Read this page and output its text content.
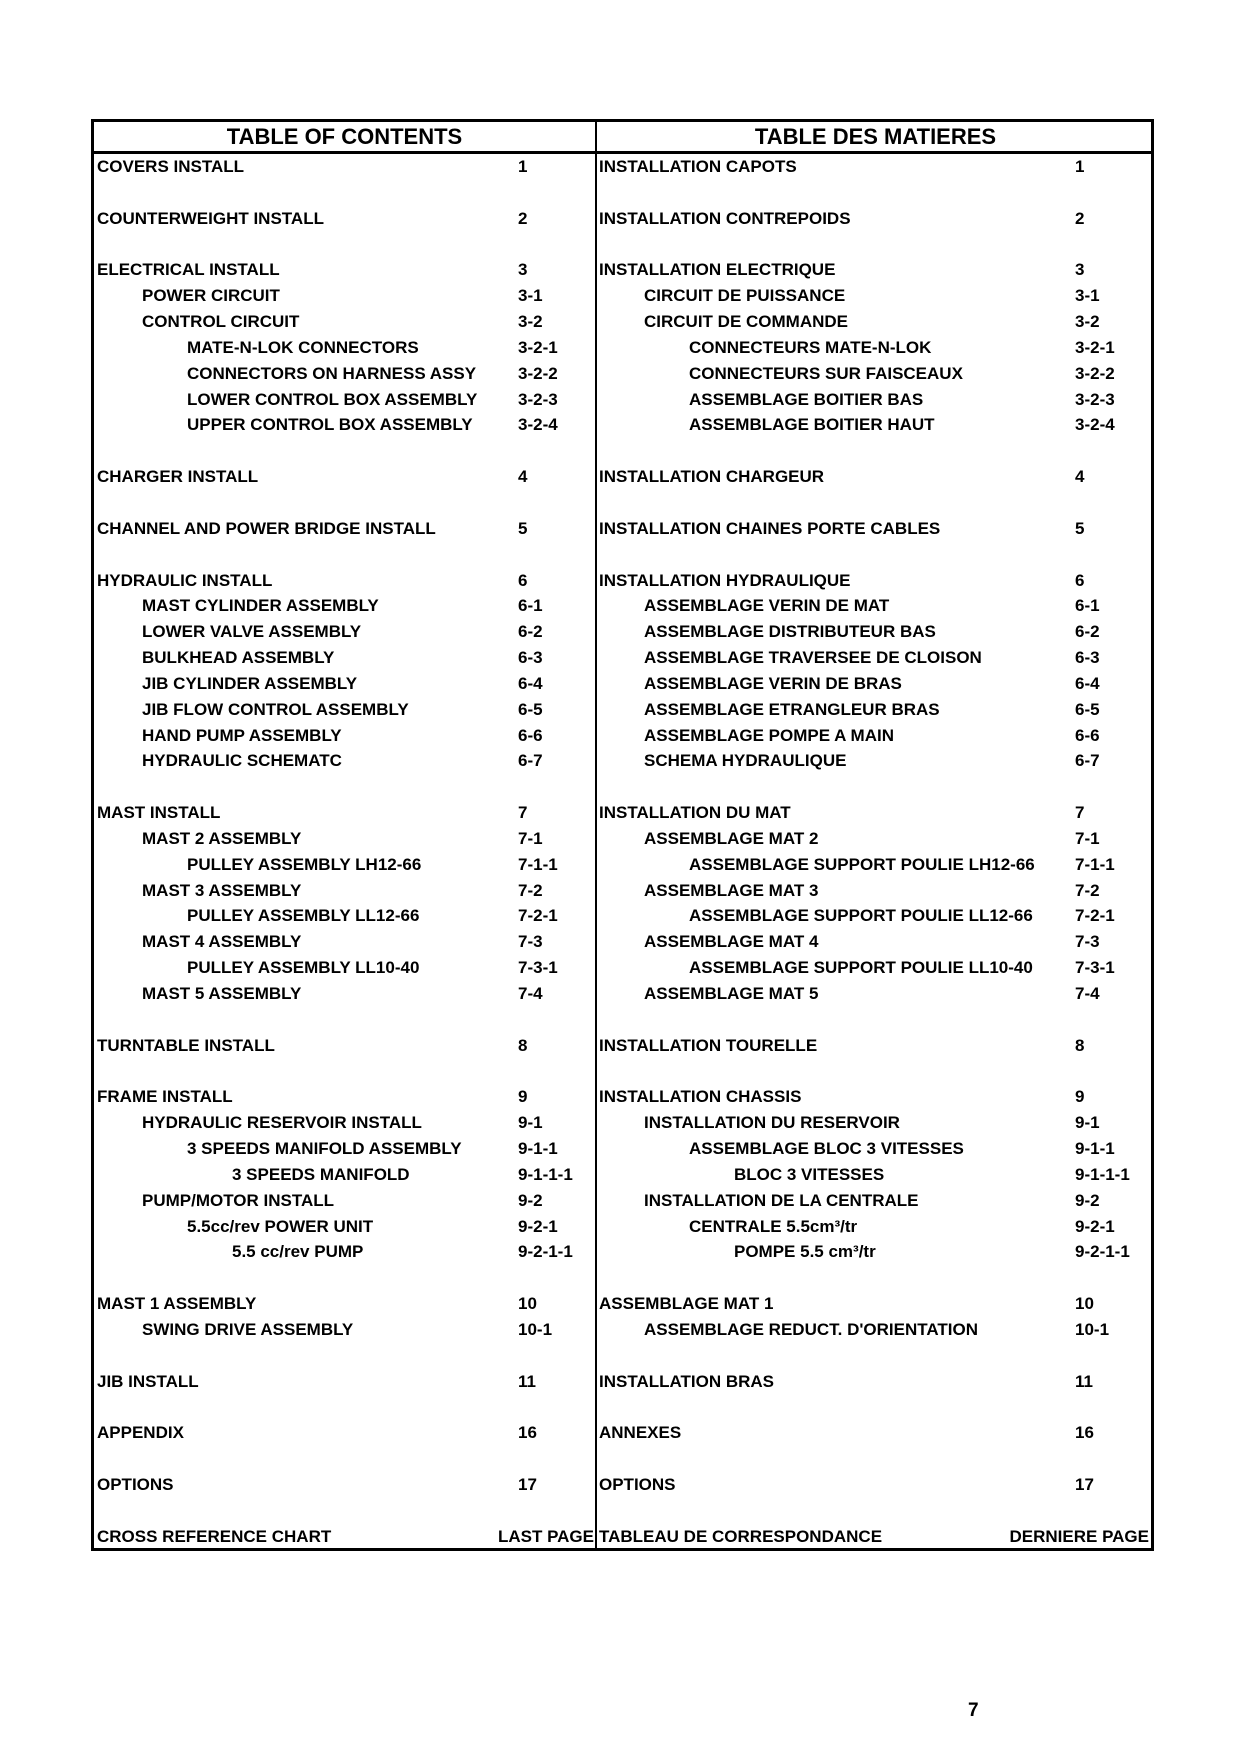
TABLE OF CONTENTS	TABLE DES MATIERES
COVERS INSTALL	1	INSTALLATION CAPOTS	1
COUNTERWEIGHT INSTALL	2	INSTALLATION CONTREPOIDS	2
ELECTRICAL INSTALL	3	INSTALLATION ELECTRIQUE	3
POWER CIRCUIT	3-1	CIRCUIT DE PUISSANCE	3-1
CONTROL CIRCUIT	3-2	CIRCUIT DE COMMANDE	3-2
MATE-N-LOK CONNECTORS	3-2-1	CONNECTEURS MATE-N-LOK	3-2-1
CONNECTORS ON HARNESS ASSY 3-2-2	CONNECTEURS SUR FAISCEAUX	3-2-2
LOWER CONTROL BOX ASSEMBLY 3-2-3	ASSEMBLAGE BOITIER BAS	3-2-3
UPPER CONTROL BOX ASSEMBLY	3-2-4	ASSEMBLAGE BOITIER HAUT	3-2-4
CHARGER INSTALL	4	INSTALLATION CHARGEUR	4
CHANNEL AND POWER BRIDGE INSTALL	5	INSTALLATION CHAINES PORTE CABLES	5
HYDRAULIC INSTALL	6	INSTALLATION HYDRAULIQUE	6
MAST CYLINDER ASSEMBLY	6-1	ASSEMBLAGE VERIN DE MAT	6-1
LOWER VALVE ASSEMBLY	6-2	ASSEMBLAGE DISTRIBUTEUR BAS	6-2
BULKHEAD ASSEMBLY	6-3	ASSEMBLAGE TRAVERSEE DE CLOISON	6-3
JIB CYLINDER ASSEMBLY	6-4	ASSEMBLAGE VERIN DE BRAS	6-4
JIB FLOW CONTROL ASSEMBLY	6-5	ASSEMBLAGE ETRANGLEUR BRAS	6-5
HAND PUMP ASSEMBLY	6-6	ASSEMBLAGE POMPE A MAIN	6-6
HYDRAULIC SCHEMATC	6-7	SCHEMA HYDRAULIQUE	6-7
MAST INSTALL	7	INSTALLATION DU MAT	7
MAST 2 ASSEMBLY	7-1	ASSEMBLAGE MAT 2	7-1
PULLEY ASSEMBLY LH12-66	7-1-1	ASSEMBLAGE SUPPORT POULIE LH12-66 7-1-1
MAST 3 ASSEMBLY	7-2	ASSEMBLAGE MAT 3	7-2
PULLEY ASSEMBLY LL12-66	7-2-1	ASSEMBLAGE SUPPORT POULIE LL12-66 7-2-1
MAST 4 ASSEMBLY	7-3	ASSEMBLAGE MAT 4	7-3
PULLEY ASSEMBLY LL10-40	7-3-1	ASSEMBLAGE SUPPORT POULIE LL10-40 7-3-1
MAST 5 ASSEMBLY	7-4	ASSEMBLAGE MAT 5	7-4
TURNTABLE INSTALL	8	INSTALLATION TOURELLE	8
FRAME INSTALL	9	INSTALLATION CHASSIS	9
HYDRAULIC RESERVOIR INSTALL	9-1	INSTALLATION DU RESERVOIR	9-1
3 SPEEDS MANIFOLD ASSEMBLY	9-1-1	ASSEMBLAGE BLOC 3 VITESSES	9-1-1
3 SPEEDS MANIFOLD	9-1-1-1	BLOC 3 VITESSES	9-1-1-1
PUMP/MOTOR INSTALL	9-2	INSTALLATION DE LA CENTRALE	9-2
5.5cc/rev POWER UNIT	9-2-1	CENTRALE 5.5cm³/tr	9-2-1
5.5 cc/rev PUMP	9-2-1-1	POMPE 5.5 cm³/tr	9-2-1-1
MAST 1 ASSEMBLY	10	ASSEMBLAGE MAT 1	10
SWING DRIVE ASSEMBLY	10-1	ASSEMBLAGE REDUCT. D'ORIENTATION	10-1
JIB INSTALL	11	INSTALLATION BRAS	11
APPENDIX	16	ANNEXES	16
OPTIONS	17	OPTIONS	17
CROSS REFERENCE CHART	LAST PAGE TABLEAU DE CORRESPONDANCE	DERNIERE PAGE
7
